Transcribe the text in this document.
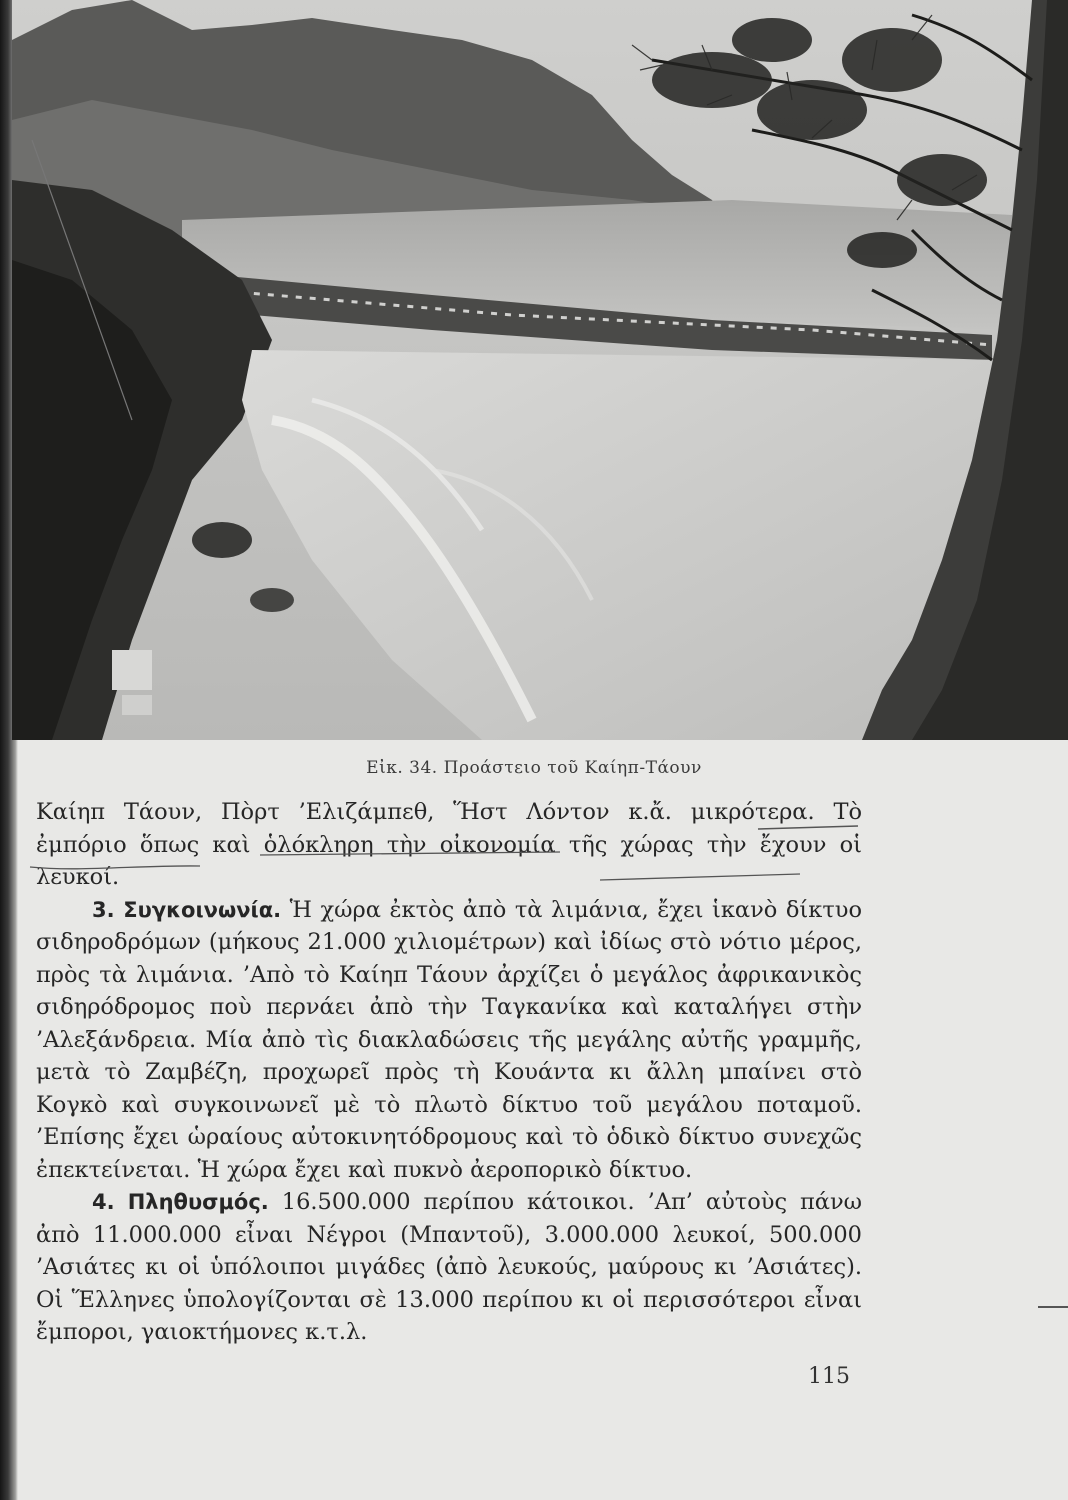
Εἰκ. 34. Προάστειο τοῦ Καίηπ-Τάουν

Καίηπ Τάουν, Πὸρτ ’Ελιζάμπεθ, Ἥστ Λόντον κ.ἄ. μικρότερα. Τὸ ἐμπόριο ὅπως καὶ ὁλόκληρη τὴν οἰκονομία τῆς χώρας τὴν ἔχουν οἱ λευκοί.

3. Συγκοινωνία. Ἡ χώρα ἐκτὸς ἀπὸ τὰ λιμάνια, ἔχει ἱκανὸ δίκτυο σιδηροδρόμων (μήκους 21.000 χιλιομέτρων) καὶ ἰδίως στὸ νότιο μέρος, πρὸς τὰ λιμάνια. ’Απὸ τὸ Καίηπ Τάουν ἀρχίζει ὁ μεγάλος ἀφρικανικὸς σιδηρόδρομος ποὺ περνάει ἀπὸ τὴν Ταγκανίκα καὶ καταλήγει στὴν ’Αλεξάνδρεια. Μία ἀπὸ τὶς διακλαδώσεις τῆς μεγάλης αὐτῆς γραμμῆς, μετὰ τὸ Ζαμβέζη, προχωρεῖ πρὸς τὴ Κουάντα κι ἄλλη μπαίνει στὸ Κογκὸ καὶ συγκοινωνεῖ μὲ τὸ πλωτὸ δίκτυο τοῦ μεγάλου ποταμοῦ. ’Επίσης ἔχει ὡραίους αὐτοκινητόδρομους καὶ τὸ ὁδικὸ δίκτυο συνεχῶς ἐπεκτείνεται. Ἡ χώρα ἔχει καὶ πυκνὸ ἀεροπορικὸ δίκτυο.

4. Πληθυσμός. 16.500.000 περίπου κάτοικοι. ’Απ’ αὐτοὺς πάνω ἀπὸ 11.000.000 εἶναι Νέγροι (Μπαντοῦ), 3.000.000 λευκοί, 500.000 ’Ασιάτες κι οἱ ὑπόλοιποι μιγάδες (ἀπὸ λευκούς, μαύρους κι ’Ασιάτες). Οἱ Ἕλληνες ὑπολογίζονται σὲ 13.000 περίπου κι οἱ περισσότεροι εἶναι ἔμποροι, γαιοκτήμονες κ.τ.λ.

115
